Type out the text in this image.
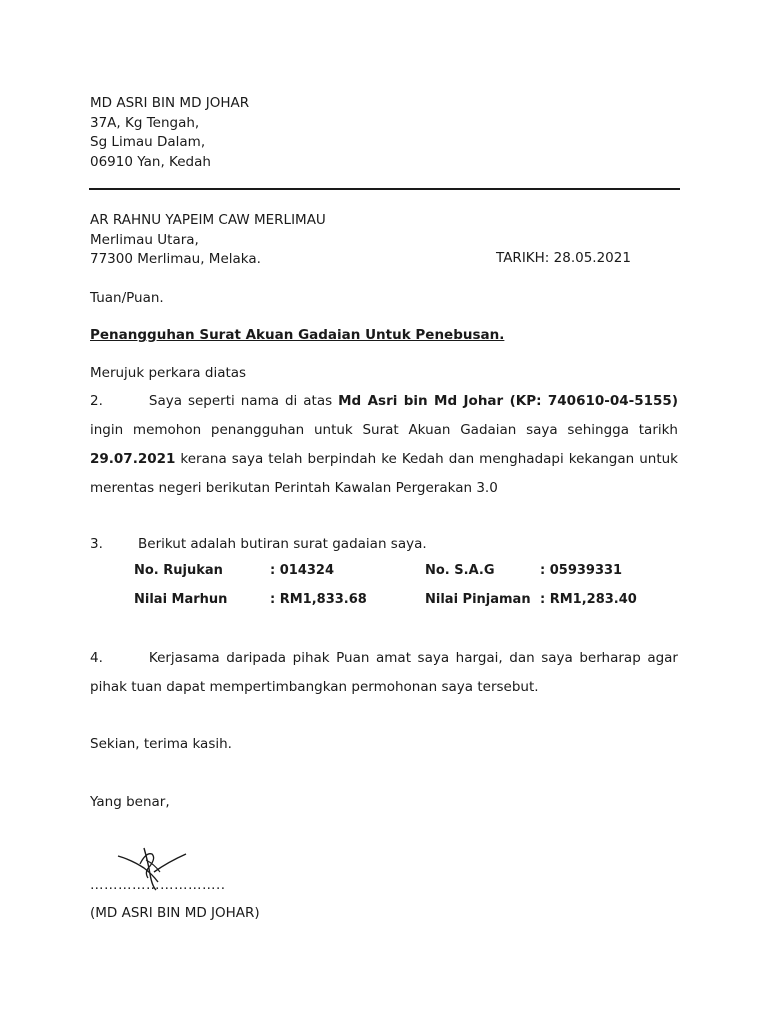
MD ASRI BIN MD JOHAR
37A, Kg Tengah,
Sg Limau Dalam,
06910 Yan, Kedah
AR RAHNU YAPEIM CAW MERLIMAU
Merlimau Utara,
77300 Merlimau, Melaka.	TARIKH: 28.05.2021
Tuan/Puan.
Penangguhan Surat Akuan Gadaian Untuk Penebusan.
Merujuk perkara diatas
2.	Saya seperti nama di atas Md Asri bin Md Johar (KP: 740610-04-5155) ingin memohon penangguhan untuk Surat Akuan Gadaian saya sehingga tarikh 29.07.2021 kerana saya telah berpindah ke Kedah dan menghadapi kekangan untuk merentas negeri berikutan Perintah Kawalan Pergerakan 3.0
3.	Berikut adalah butiran surat gadaian saya.
No. Rujukan	: 014324	No. S.A.G	: 05939331
Nilai Marhun	: RM1,833.68	Nilai Pinjaman : RM1,283.40
4.	Kerjasama daripada pihak Puan amat saya hargai, dan saya berharap agar pihak tuan dapat mempertimbangkan permohonan saya tersebut.
Sekian, terima kasih.
Yang benar,
………………………..
(MD ASRI BIN MD JOHAR)
